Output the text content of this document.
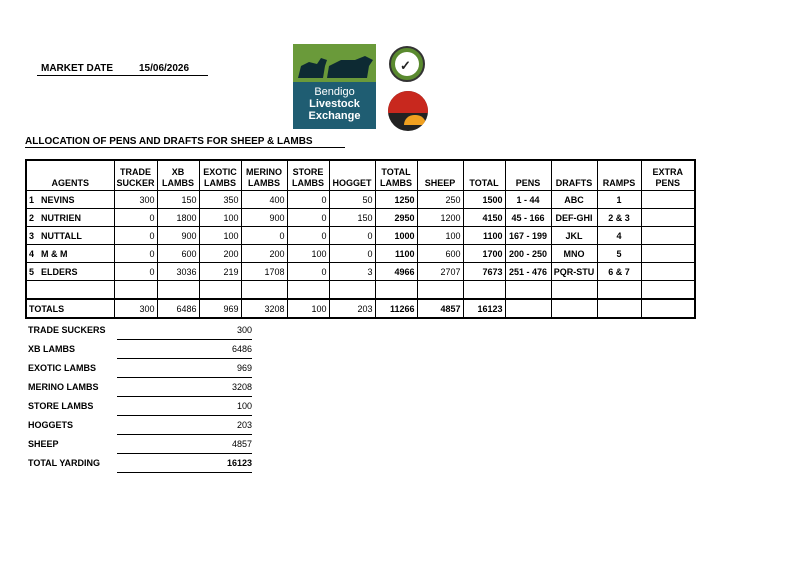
MARKET DATE	15/06/2026
Bendigo
Livestock
Exchange
✓
ALLOCATION OF PENS AND DRAFTS FOR SHEEP & LAMBS
AGENTS	TRADE SUCKER	XB LAMBS	EXOTIC LAMBS	MERINO LAMBS	STORE LAMBS	HOGGET	TOTAL LAMBS	SHEEP	TOTAL	PENS	DRAFTS	RAMPS	EXTRA PENS
1 NEVINS	300	150	350	400	0	50	1250	250	1500	1 - 44	ABC	1	
2 NUTRIEN	0	1800	100	900	0	150	2950	1200	4150	45 - 166	DEF-GHI	2 & 3	
3 NUTTALL	0	900	100	0	0	0	1000	100	1100	167 - 199	JKL	4	
4 M & M	0	600	200	200	100	0	1100	600	1700	200 - 250	MNO	5	
5 ELDERS	0	3036	219	1708	0	3	4966	2707	7673	251 - 476	PQR-STU	6 & 7	

TOTALS	300	6486	969	3208	100	203	11266	4857	16123				
TRADE SUCKERS	300
XB LAMBS	6486
EXOTIC LAMBS	969
MERINO LAMBS	3208
STORE LAMBS	100
HOGGETS	203
SHEEP	4857
TOTAL YARDING	16123
